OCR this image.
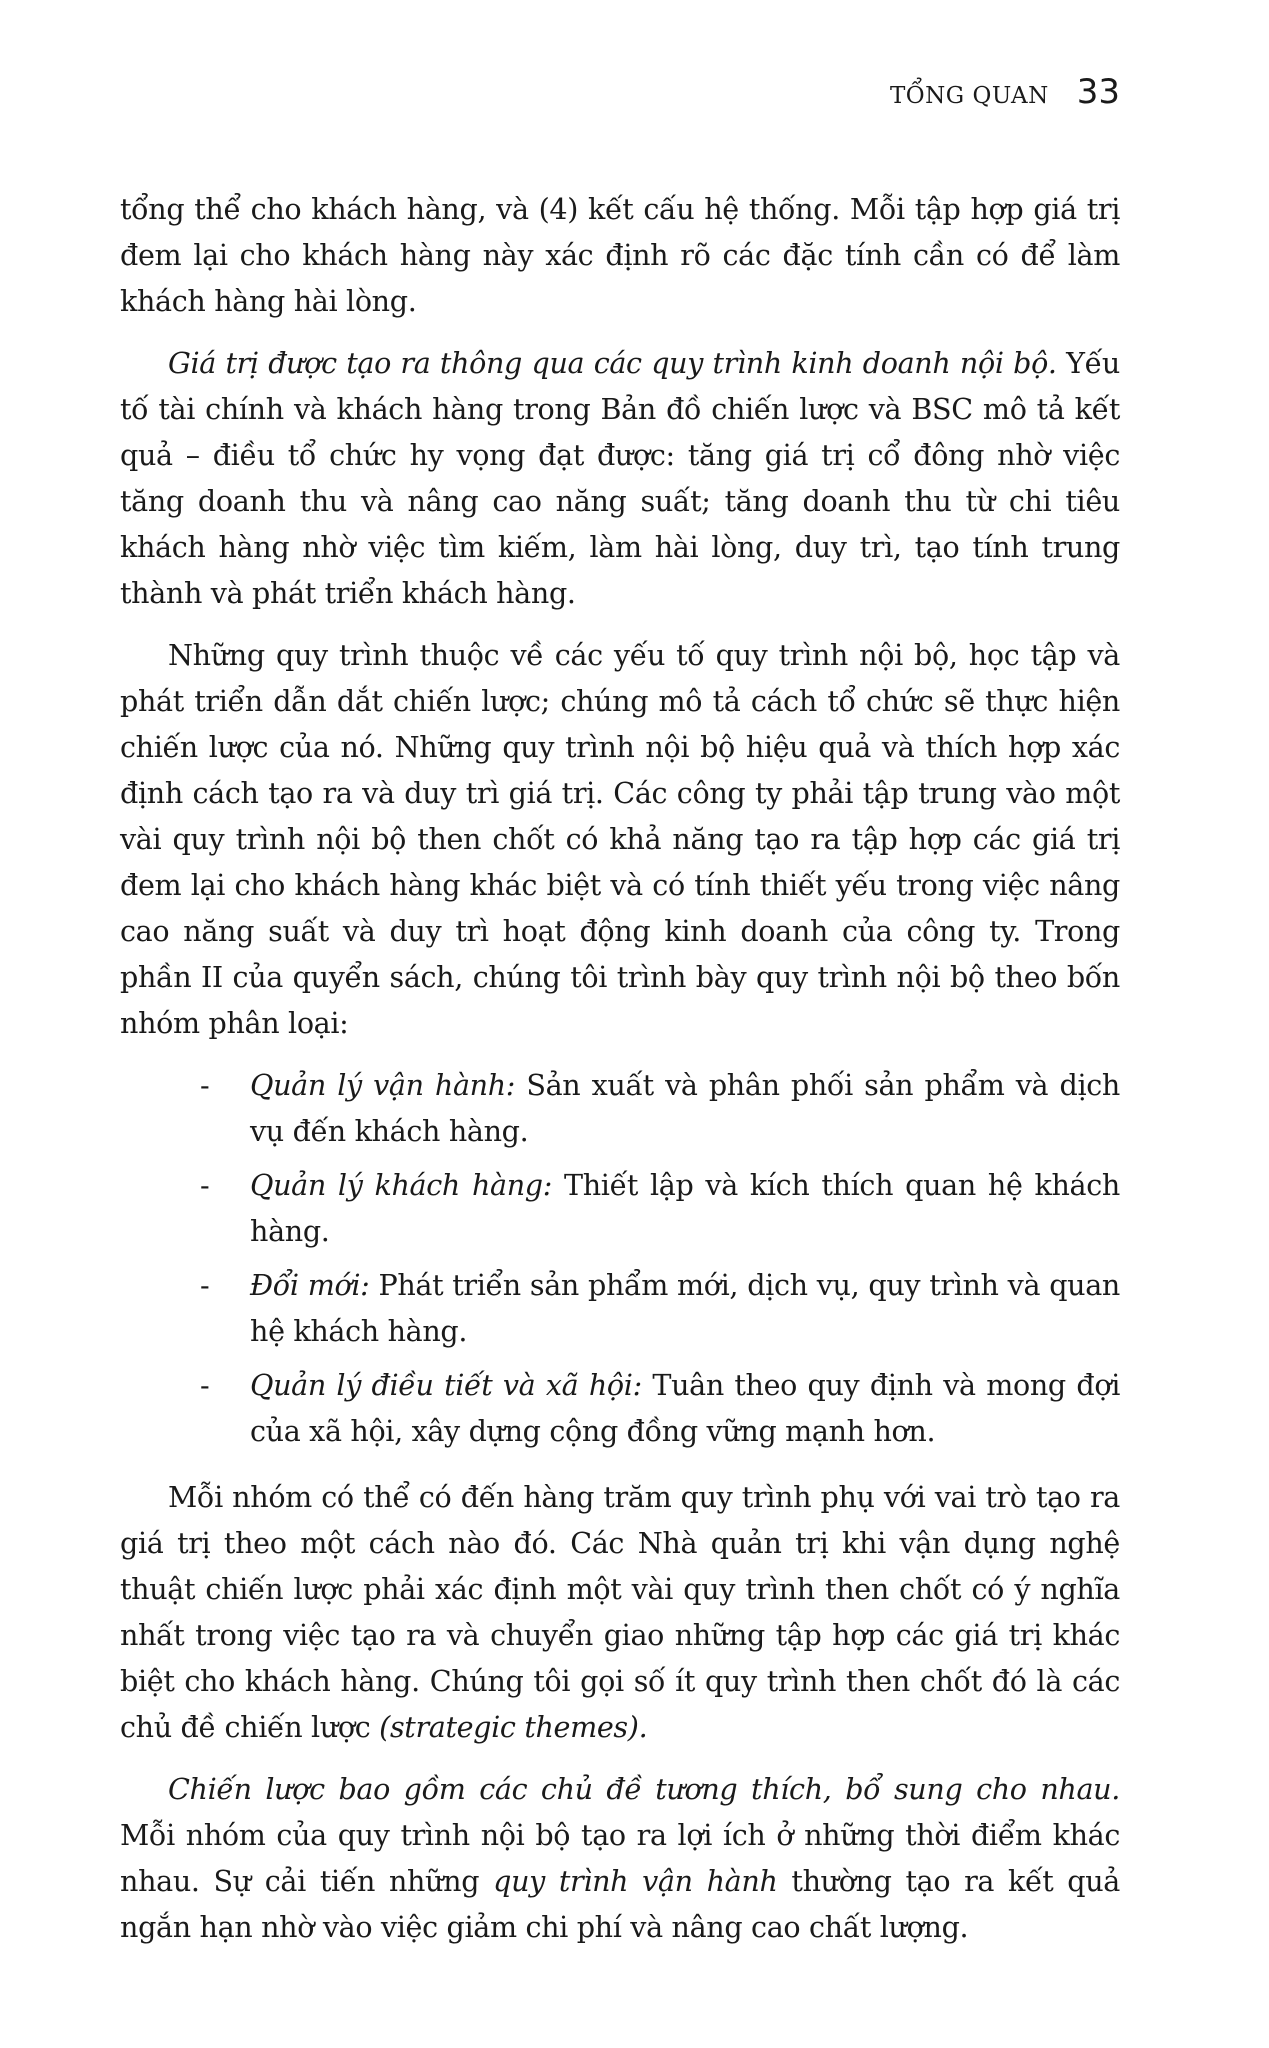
TỔNG QUAN 33

tổng thể cho khách hàng, và (4) kết cấu hệ thống. Mỗi tập hợp giá trị đem lại cho khách hàng này xác định rõ các đặc tính cần có để làm khách hàng hài lòng.

Giá trị được tạo ra thông qua các quy trình kinh doanh nội bộ. Yếu tố tài chính và khách hàng trong Bản đồ chiến lược và BSC mô tả kết quả – điều tổ chức hy vọng đạt được: tăng giá trị cổ đông nhờ việc tăng doanh thu và nâng cao năng suất; tăng doanh thu từ chi tiêu khách hàng nhờ việc tìm kiếm, làm hài lòng, duy trì, tạo tính trung thành và phát triển khách hàng.

Những quy trình thuộc về các yếu tố quy trình nội bộ, học tập và phát triển dẫn dắt chiến lược; chúng mô tả cách tổ chức sẽ thực hiện chiến lược của nó. Những quy trình nội bộ hiệu quả và thích hợp xác định cách tạo ra và duy trì giá trị. Các công ty phải tập trung vào một vài quy trình nội bộ then chốt có khả năng tạo ra tập hợp các giá trị đem lại cho khách hàng khác biệt và có tính thiết yếu trong việc nâng cao năng suất và duy trì hoạt động kinh doanh của công ty. Trong phần II của quyển sách, chúng tôi trình bày quy trình nội bộ theo bốn nhóm phân loại:

- Quản lý vận hành: Sản xuất và phân phối sản phẩm và dịch vụ đến khách hàng.
- Quản lý khách hàng: Thiết lập và kích thích quan hệ khách hàng.
- Đổi mới: Phát triển sản phẩm mới, dịch vụ, quy trình và quan hệ khách hàng.
- Quản lý điều tiết và xã hội: Tuân theo quy định và mong đợi của xã hội, xây dựng cộng đồng vững mạnh hơn.

Mỗi nhóm có thể có đến hàng trăm quy trình phụ với vai trò tạo ra giá trị theo một cách nào đó. Các Nhà quản trị khi vận dụng nghệ thuật chiến lược phải xác định một vài quy trình then chốt có ý nghĩa nhất trong việc tạo ra và chuyển giao những tập hợp các giá trị khác biệt cho khách hàng. Chúng tôi gọi số ít quy trình then chốt đó là các chủ đề chiến lược (strategic themes).

Chiến lược bao gồm các chủ đề tương thích, bổ sung cho nhau. Mỗi nhóm của quy trình nội bộ tạo ra lợi ích ở những thời điểm khác nhau. Sự cải tiến những quy trình vận hành thường tạo ra kết quả ngắn hạn nhờ vào việc giảm chi phí và nâng cao chất lượng.
